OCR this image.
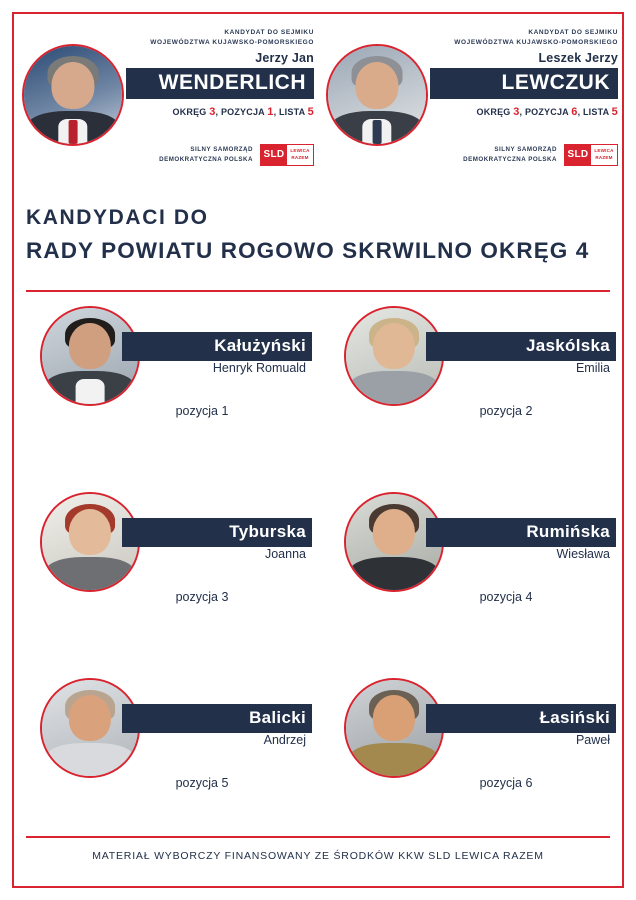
KANDYDAT DO SEJMIKU
WOJEWÓDZTWA KUJAWSKO-POMORSKIEGO
Jerzy Jan
WENDERLICH
OKRĘG 3, POZYCJA 1, LISTA 5
SILNY SAMORZĄD
DEMOKRATYCZNA POLSKA SLD	LEWICA
RAZEM
KANDYDAT DO SEJMIKU
WOJEWÓDZTWA KUJAWSKO-POMORSKIEGO
Leszek Jerzy
LEWCZUK
OKRĘG 3, POZYCJA 6, LISTA 5
SILNY SAMORZĄD
DEMOKRATYCZNA POLSKA SLD	LEWICA
RAZEM
KANDYDACI DO
RADY POWIATU ROGOWO SKRWILNO OKRĘG 4
Kałużyński
Henryk Romuald
pozycja 1
Jaskólska
Emilia
pozycja 2
Tyburska
Joanna
pozycja 3
Rumińska
Wiesława
pozycja 4
Balicki
Andrzej
pozycja 5
Łasiński
Paweł
pozycja 6
MATERIAŁ WYBORCZY FINANSOWANY ZE ŚRODKÓW KKW SLD LEWICA RAZEM
